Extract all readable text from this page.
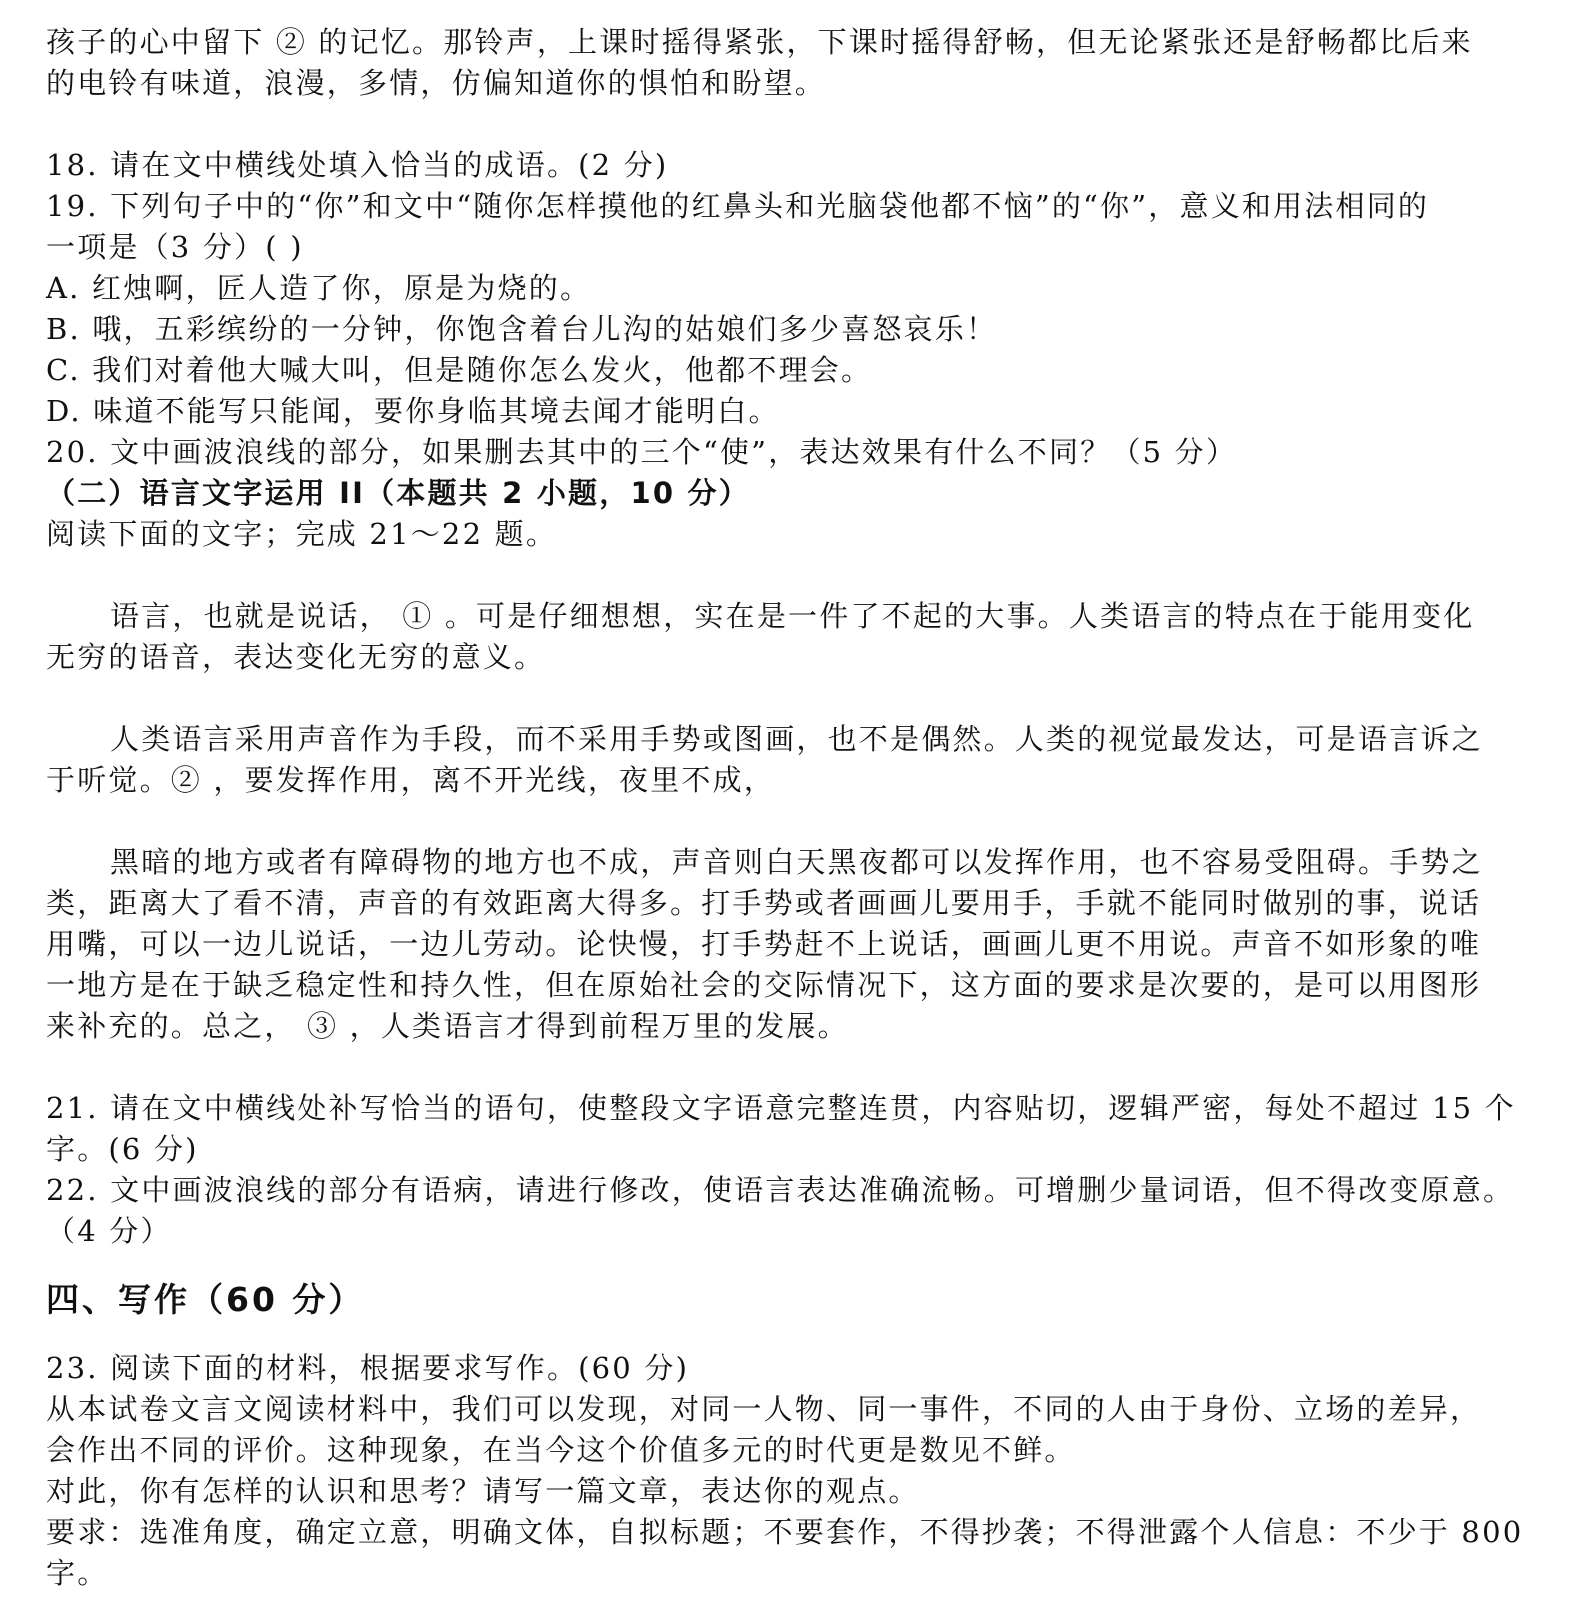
孩子的心中留下 ② 的记忆。那铃声，上课时摇得紧张，下课时摇得舒畅，但无论紧张还是舒畅都比后来
的电铃有味道，浪漫，多情，仿偏知道你的惧怕和盼望。
18. 请在文中横线处填入恰当的成语。(2 分)
19. 下列句子中的“你”和文中“随你怎样摸他的红鼻头和光脑袋他都不恼”的“你”，意义和用法相同的
一项是（3 分）( )
A. 红烛啊，匠人造了你，原是为烧的。
B. 哦，五彩缤纷的一分钟，你饱含着台儿沟的姑娘们多少喜怒哀乐！
C. 我们对着他大喊大叫，但是随你怎么发火，他都不理会。
D. 味道不能写只能闻，要你身临其境去闻才能明白。
20. 文中画波浪线的部分，如果删去其中的三个“使”，表达效果有什么不同？（5 分）
（二）语言文字运用 II（本题共 2 小题，10 分）
阅读下面的文字；完成 21～22 题。
语言，也就是说话， ① 。可是仔细想想，实在是一件了不起的大事。人类语言的特点在于能用变化
无穷的语音，表达变化无穷的意义。
人类语言采用声音作为手段，而不采用手势或图画，也不是偶然。人类的视觉最发达，可是语言诉之
于听觉。② ，要发挥作用，离不开光线，夜里不成，
黑暗的地方或者有障碍物的地方也不成，声音则白天黑夜都可以发挥作用，也不容易受阻碍。手势之
类，距离大了看不清，声音的有效距离大得多。打手势或者画画儿要用手，手就不能同时做别的事，说话
用嘴，可以一边儿说话，一边儿劳动。论快慢，打手势赶不上说话，画画儿更不用说。声音不如形象的唯
一地方是在于缺乏稳定性和持久性，但在原始社会的交际情况下，这方面的要求是次要的，是可以用图形
来补充的。总之， ③ ，人类语言才得到前程万里的发展。
21. 请在文中横线处补写恰当的语句，使整段文字语意完整连贯，内容贴切，逻辑严密，每处不超过 15 个
字。(6 分)
22. 文中画波浪线的部分有语病，请进行修改，使语言表达准确流畅。可增删少量词语，但不得改变原意。
（4 分）
四、写作（60 分）
23. 阅读下面的材料，根据要求写作。(60 分)
从本试卷文言文阅读材料中，我们可以发现，对同一人物、同一事件，不同的人由于身份、立场的差异，
会作出不同的评价。这种现象，在当今这个价值多元的时代更是数见不鲜。
对此，你有怎样的认识和思考？请写一篇文章，表达你的观点。
要求：选准角度，确定立意，明确文体，自拟标题；不要套作，不得抄袭；不得泄露个人信息：不少于 800
字。
